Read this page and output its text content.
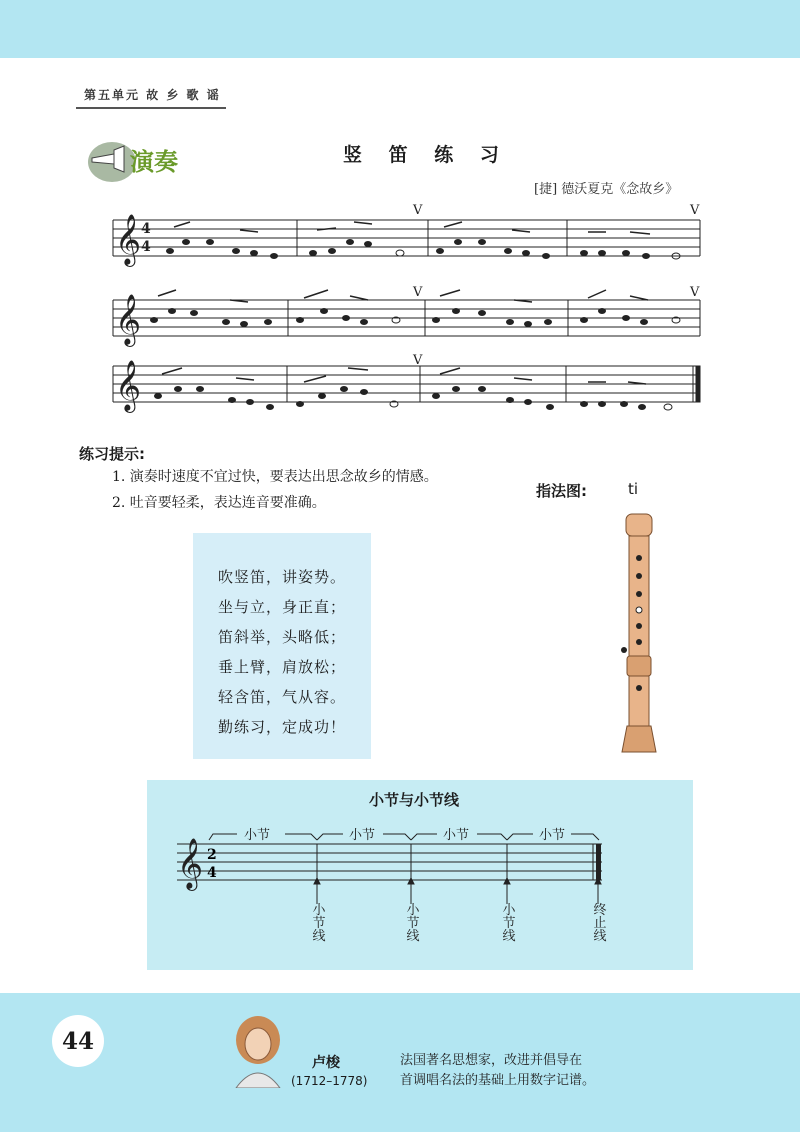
第五单元 故 乡 歌 谣
演奏	竖 笛 练 习
[捷] 德沃夏克《念故乡》
𝄞
𝄞
𝄞
4
4
V	V
V	V
V
练习提示:
1. 演奏时速度不宜过快，要表达出思念故乡的情感。
2. 吐音要轻柔，表达连音要准确。
指法图:	ti
吹竖笛，讲姿势。
坐与立，身正直；
笛斜举，头略低；
垂上臂，肩放松；
轻含笛，气从容。
勤练习，定成功！
小节与小节线
𝄞 2
4
小节	小节	小节	小节
小节线	小节线	小节线	终止线
44
卢梭
(1712–1778)
法国著名思想家，改进并倡导在
首调唱名法的基础上用数字记谱。
